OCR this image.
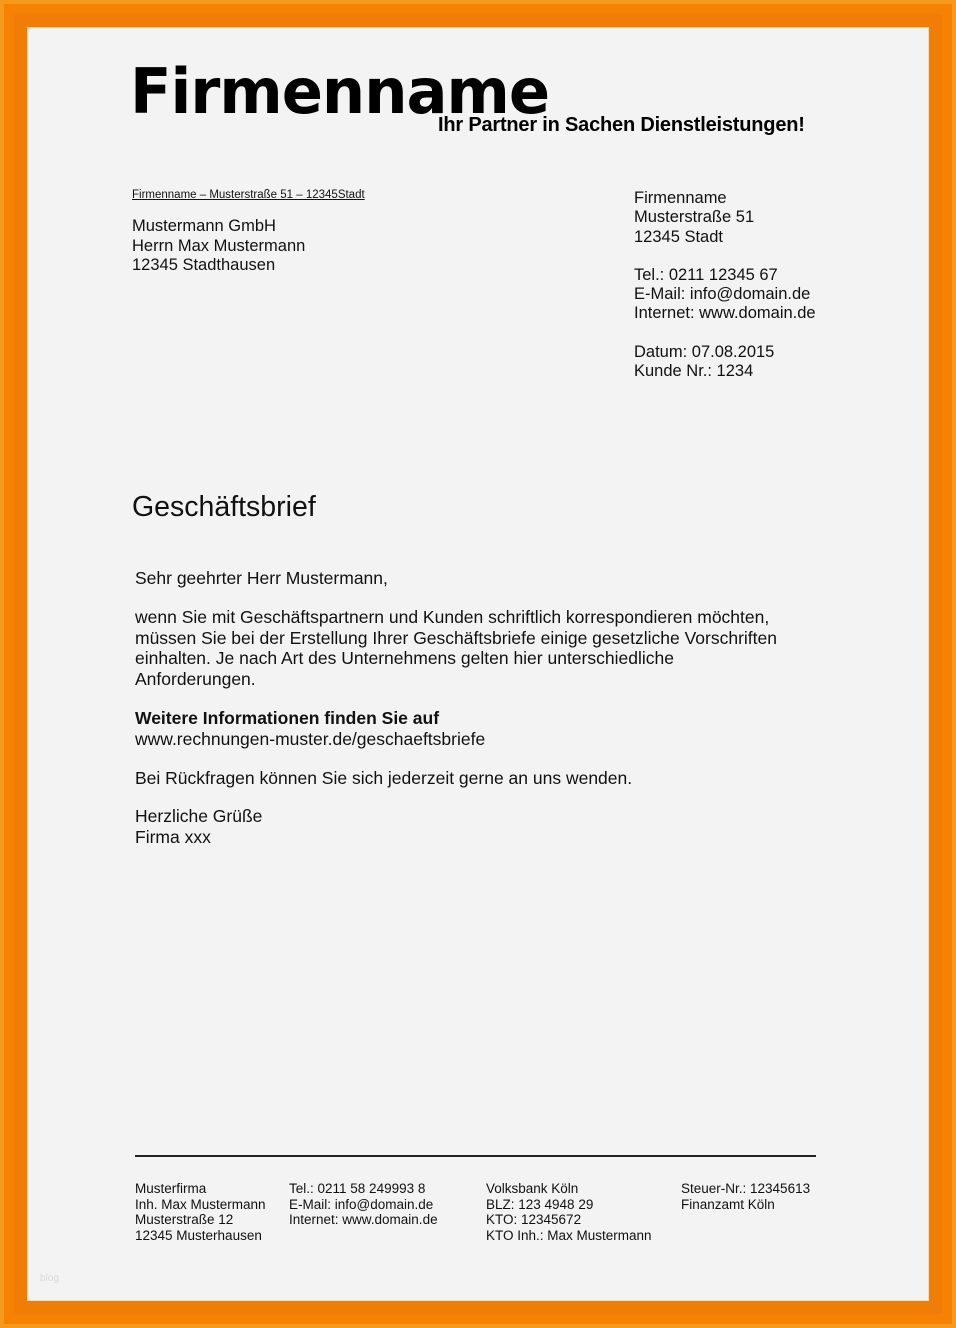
Firmenname
Ihr Partner in Sachen Dienstleistungen!
Firmenname – Musterstraße 51 – 12345Stadt
Mustermann GmbH
Herrn Max Mustermann
12345 Stadthausen
Firmenname
Musterstraße 51
12345 Stadt
Tel.: 0211 12345 67
E-Mail: info@domain.de
Internet: www.domain.de
Datum: 07.08.2015
Kunde Nr.: 1234
Geschäftsbrief

Sehr geehrter Herr Mustermann,

wenn Sie mit Geschäftspartnern und Kunden schriftlich korrespondieren möchten,

müssen Sie bei der Erstellung Ihrer Geschäftsbriefe einige gesetzliche Vorschriften

einhalten. Je nach Art des Unternehmens gelten hier unterschiedliche

Anforderungen.

Weitere Informationen finden Sie auf

www.rechnungen-muster.de/geschaeftsbriefe

Bei Rückfragen können Sie sich jederzeit gerne an uns wenden.

Herzliche Grüße

Firma xxx

Musterfirma
Inh. Max Mustermann
Musterstraße 12
12345 Musterhausen
Tel.: 0211 58 249993 8
E-Mail: info@domain.de
Internet: www.domain.de
Volksbank Köln
BLZ: 123 4948 29
KTO: 12345672
KTO Inh.: Max Mustermann
Steuer-Nr.: 12345613
Finanzamt Köln
blog
